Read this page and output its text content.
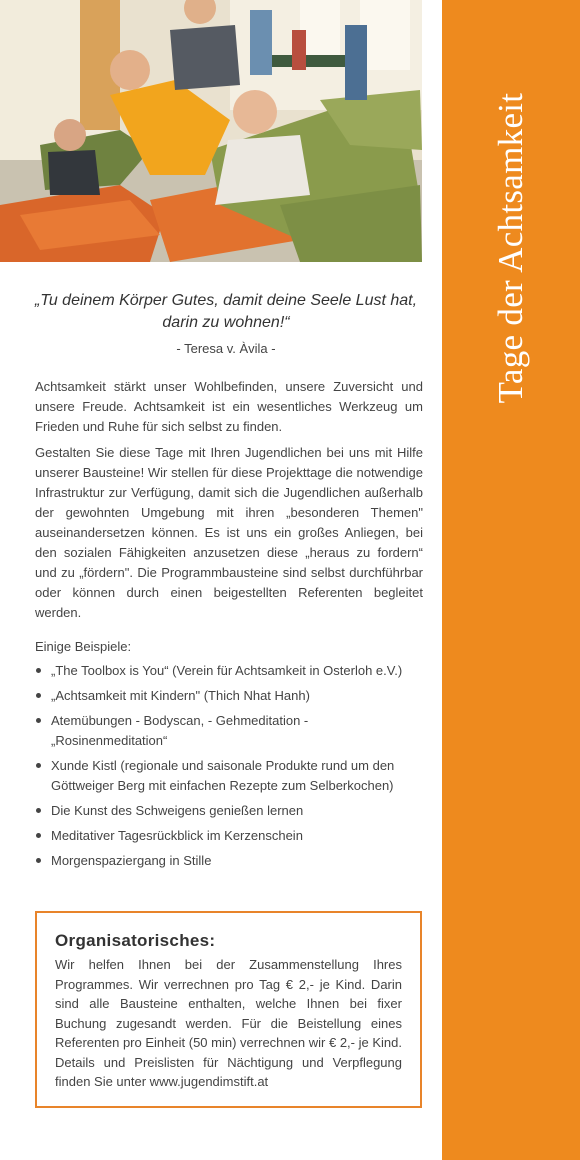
Tage der Achtsamkeit
„Tu deinem Körper Gutes, damit deine Seele Lust hat, darin zu wohnen!“
- Teresa v. Àvila -

Achtsamkeit stärkt unser Wohlbefinden, unsere Zuversicht und unsere Freude. Achtsamkeit ist ein wesentliches Werkzeug um Frieden und Ruhe für sich selbst zu finden.

Gestalten Sie diese Tage mit Ihren Jugendlichen bei uns mit Hilfe unserer Bausteine! Wir stellen für diese Projekttage die notwendige Infrastruktur zur Verfügung, damit sich die Jugendlichen außerhalb der gewohnten Umgebung mit ihren „besonderen Themen" auseinandersetzen können. Es ist uns ein großes Anliegen, bei den sozialen Fähigkeiten anzusetzen diese „heraus zu fordern“ und zu „fördern". Die Programmbausteine sind selbst durchführbar oder können durch einen beigestellten Referenten begleitet werden.

Einige Beispiele:
„The Toolbox is You“ (Verein für Achtsamkeit in Osterloh e.V.)
„Achtsamkeit mit Kindern" (Thich Nhat Hanh)
Atemübungen - Bodyscan, - Gehmeditation - „Rosinenmeditation“
Xunde Kistl (regionale und saisonale Produkte rund um den Göttweiger Berg mit einfachen Rezepte zum Selberkochen)
Die Kunst des Schweigens genießen lernen
Meditativer Tagesrückblick im Kerzenschein
Morgenspaziergang in Stille
Organisatorisches:

Wir helfen Ihnen bei der Zusammenstellung Ihres Programmes. Wir verrechnen pro Tag € 2,- je Kind. Darin sind alle Bausteine enthalten, welche Ihnen bei fixer Buchung zugesandt werden. Für die Beistellung eines Referenten pro Einheit (50 min) verrechnen wir € 2,- je Kind. Details und Preislisten für Nächtigung und Verpflegung finden Sie unter www.jugendimstift.at
